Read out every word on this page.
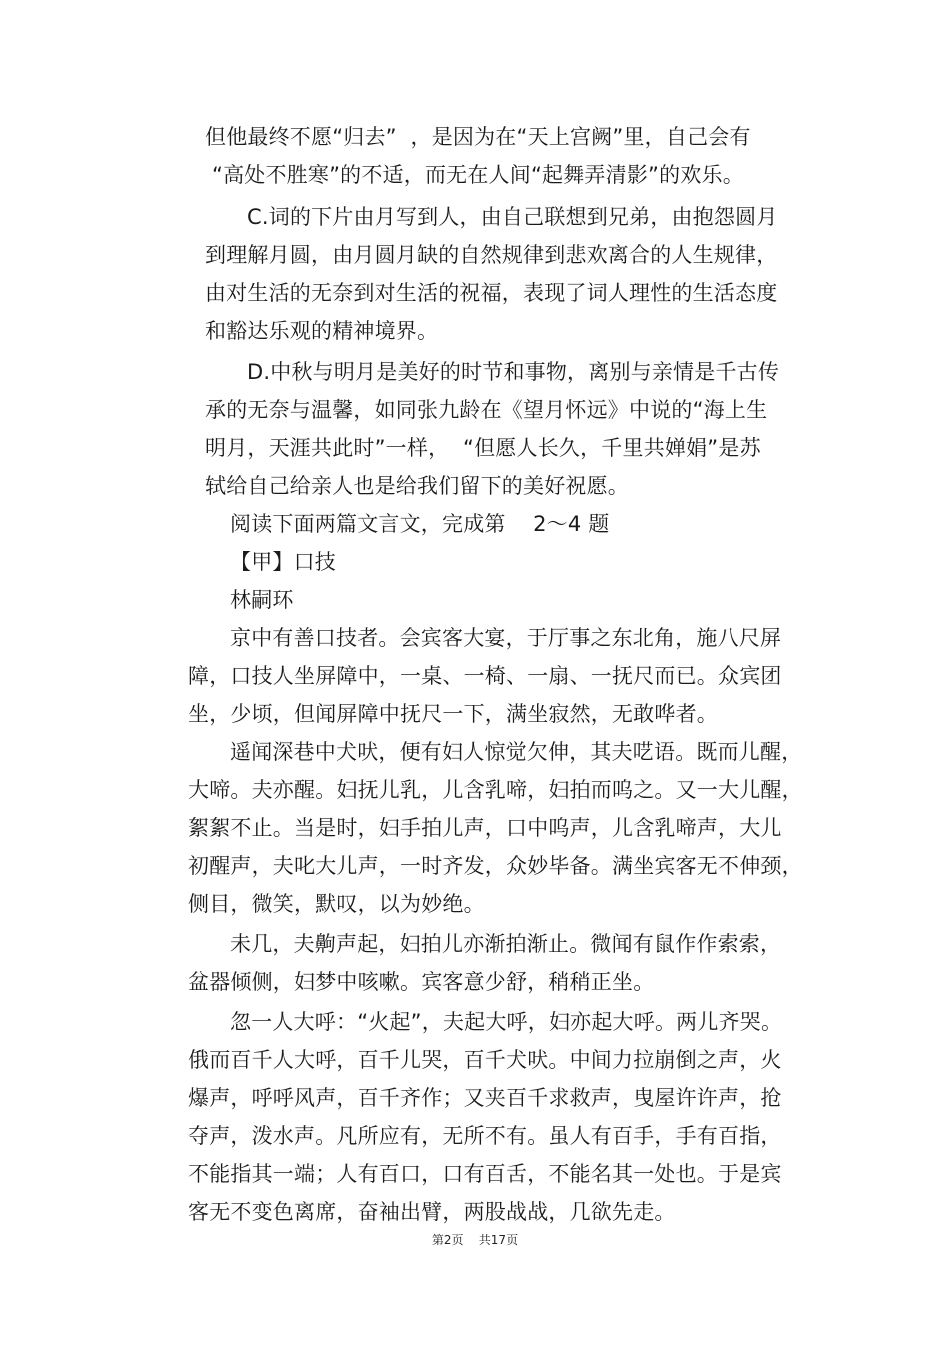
但他最终不愿“归去”  ，是因为在“天上宫阙”里，自己会有
“高处不胜寒”的不适，而无在人间“起舞弄清影”的欢乐。
C.词的下片由月写到人，由自己联想到兄弟，由抱怨圆月
到理解月圆，由月圆月缺的自然规律到悲欢离合的人生规律，
由对生活的无奈到对生活的祝福，表现了词人理性的生活态度
和豁达乐观的精神境界。
D.中秋与明月是美好的时节和事物，离别与亲情是千古传
承的无奈与温馨，如同张九龄在《望月怀远》中说的“海上生
明月，天涯共此时”一样，  “但愿人长久，千里共婵娟”是苏
轼给自己给亲人也是给我们留下的美好祝愿。
阅读下面两篇文言文，完成第    2～4 题
【甲】口技
林嗣环
京中有善口技者。会宾客大宴，于厅事之东北角，施八尺屏
障，口技人坐屏障中，一桌、一椅、一扇、一抚尺而已。众宾团
坐，少顷，但闻屏障中抚尺一下，满坐寂然，无敢哗者。
遥闻深巷中犬吠，便有妇人惊觉欠伸，其夫呓语。既而儿醒，
大啼。夫亦醒。妇抚儿乳，儿含乳啼，妇拍而呜之。又一大儿醒，
絮絮不止。当是时，妇手拍儿声，口中呜声，儿含乳啼声，大儿
初醒声，夫叱大儿声，一时齐发，众妙毕备。满坐宾客无不伸颈，
侧目，微笑，默叹，以为妙绝。
未几，夫齁声起，妇拍儿亦渐拍渐止。微闻有鼠作作索索，
盆器倾侧，妇梦中咳嗽。宾客意少舒，稍稍正坐。
忽一人大呼：“火起”，夫起大呼，妇亦起大呼。两儿齐哭。
俄而百千人大呼，百千儿哭，百千犬吠。中间力拉崩倒之声，火
爆声，呼呼风声，百千齐作；又夹百千求救声，曳屋许许声，抢
夺声，泼水声。凡所应有，无所不有。虽人有百手，手有百指，
不能指其一端；人有百口，口有百舌，不能名其一处也。于是宾
客无不变色离席，奋袖出臂，两股战战，几欲先走。
第2页    共17页
